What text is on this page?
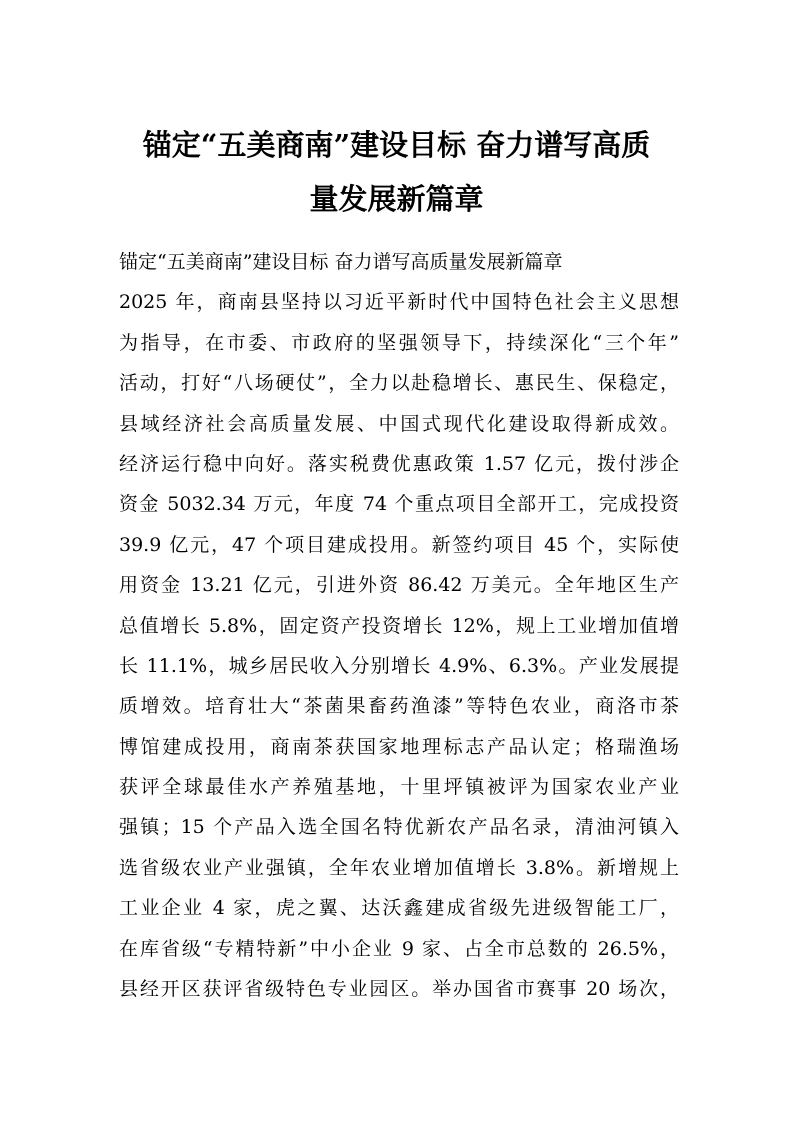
锚定“五美商南”建设目标 奋力谱写高质
量发展新篇章
锚定“五美商南”建设目标 奋力谱写高质量发展新篇章
2025 年，商南县坚持以习近平新时代中国特色社会主义思想
为指导，在市委、市政府的坚强领导下，持续深化“三个年”
活动，打好“八场硬仗”，全力以赴稳增长、惠民生、保稳定，
县域经济社会高质量发展、中国式现代化建设取得新成效。
经济运行稳中向好。落实税费优惠政策 1.57 亿元，拨付涉企
资金 5032.34 万元，年度 74 个重点项目全部开工，完成投资
39.9 亿元，47 个项目建成投用。新签约项目 45 个，实际使
用资金 13.21 亿元，引进外资 86.42 万美元。全年地区生产
总值增长 5.8%，固定资产投资增长 12%，规上工业增加值增
长 11.1%，城乡居民收入分别增长 4.9%、6.3%。产业发展提
质增效。培育壮大“茶菌果畜药渔漆”等特色农业，商洛市茶
博馆建成投用，商南茶获国家地理标志产品认定；格瑞渔场
获评全球最佳水产养殖基地，十里坪镇被评为国家农业产业
强镇；15 个产品入选全国名特优新农产品名录，清油河镇入
选省级农业产业强镇，全年农业增加值增长 3.8%。新增规上
工业企业 4 家，虎之翼、达沃鑫建成省级先进级智能工厂，
在库省级“专精特新”中小企业 9 家、占全市总数的 26.5%，
县经开区获评省级特色专业园区。举办国省市赛事 20 场次，
